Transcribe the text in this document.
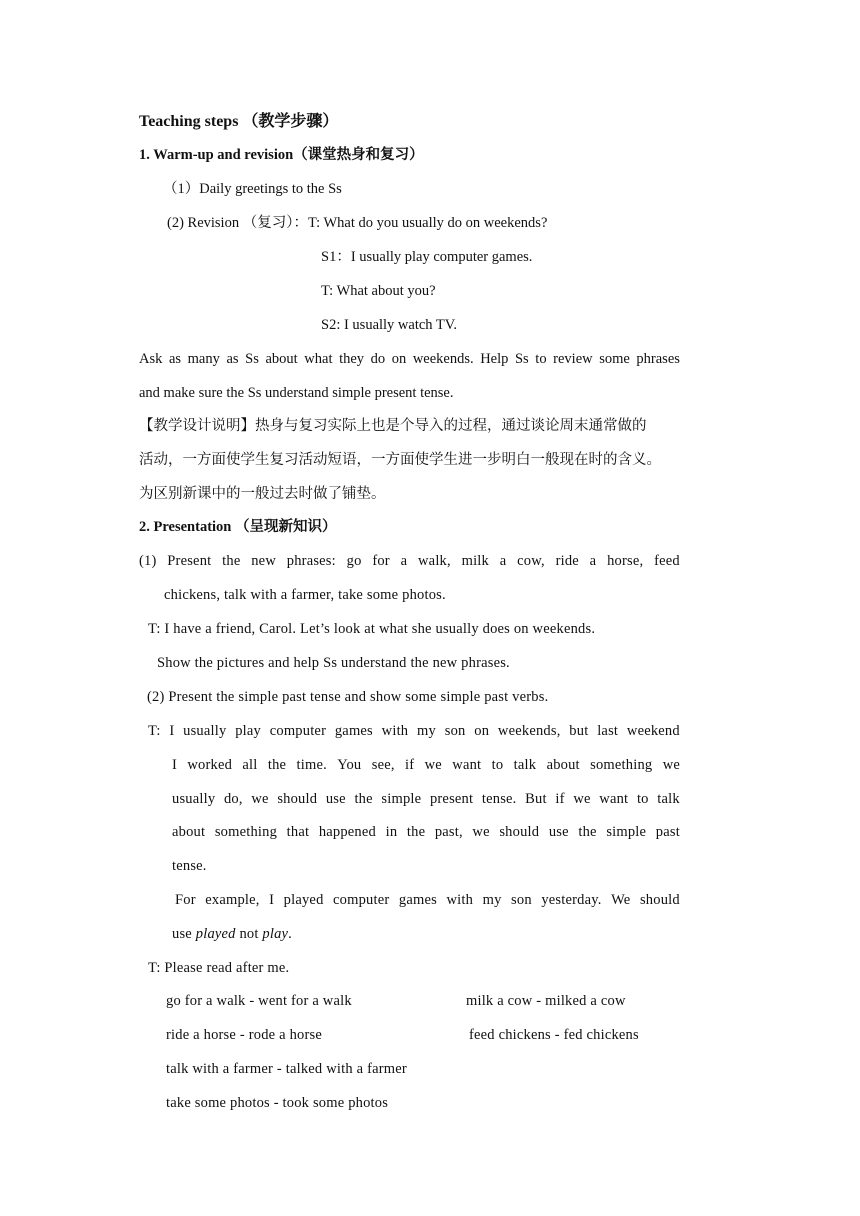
Teaching steps （教学步骤）
1. Warm-up and revision（课堂热身和复习）
（1）Daily greetings to the Ss
(2) Revision （复习）：T: What do you usually do on weekends?
S1：I usually play computer games.
T: What about you?
S2: I usually watch TV.
Ask as many as Ss about what they do on weekends. Help Ss to review some phrases
and make sure the Ss understand simple present tense.
【教学设计说明】热身与复习实际上也是个导入的过程，通过谈论周末通常做的
活动，一方面使学生复习活动短语，一方面使学生进一步明白一般现在时的含义。
为区别新课中的一般过去时做了铺垫。
2. Presentation （呈现新知识）
(1) Present the new phrases: go for a walk, milk a cow, ride a horse, feed
chickens, talk with a farmer, take some photos.
T: I have a friend, Carol. Let’s look at what she usually does on weekends.
Show the pictures and help Ss understand the new phrases.
(2) Present the simple past tense and show some simple past verbs.
T: I usually play computer games with my son on weekends, but last weekend
I worked all the time. You see, if we want to talk about something we
usually do, we should use the simple present tense. But if we want to talk
about something that happened in the past, we should use the simple past
tense.
For example, I played computer games with my son yesterday. We should
use played not play.
T: Please read after me.
go for a walk - went for a walk	milk a cow - milked a cow
ride a horse - rode a horse	feed chickens - fed chickens
talk with a farmer - talked with a farmer
take some photos - took some photos
